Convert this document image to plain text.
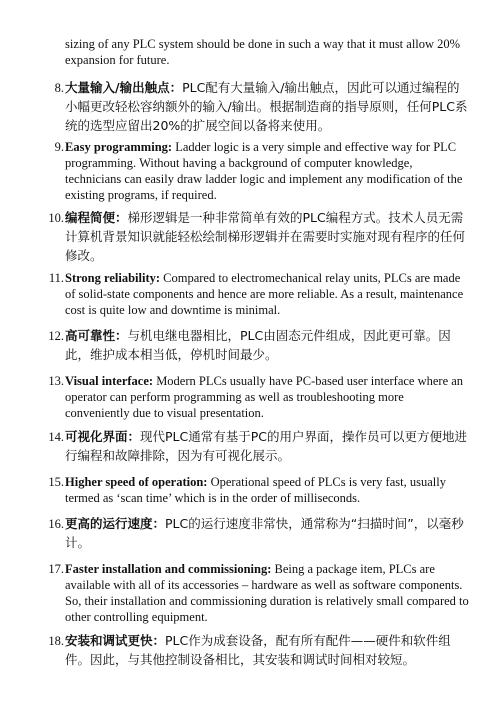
sizing of any PLC system should be done in such a way that it must allow 20% expansion for future.
8. 大量输入/输出触点：PLC配有大量输入/输出触点，因此可以通过编程的小幅更改轻松容纳额外的输入/输出。根据制造商的指导原则，任何PLC系统的选型应留出20%的扩展空间以备将来使用。
9. Easy programming: Ladder logic is a very simple and effective way for PLC programming. Without having a background of computer knowledge, technicians can easily draw ladder logic and implement any modification of the existing programs, if required.
10. 编程简便：梯形逻辑是一种非常简单有效的PLC编程方式。技术人员无需计算机背景知识就能轻松绘制梯形逻辑并在需要时实施对现有程序的任何修改。
11. Strong reliability: Compared to electromechanical relay units, PLCs are made of solid-state components and hence are more reliable. As a result, maintenance cost is quite low and downtime is minimal.
12. 高可靠性：与机电继电器相比，PLC由固态元件组成，因此更可靠。因此，维护成本相当低，停机时间最少。
13. Visual interface: Modern PLCs usually have PC-based user interface where an operator can perform programming as well as troubleshooting more conveniently due to visual presentation.
14. 可视化界面：现代PLC通常有基于PC的用户界面，操作员可以更方便地进行编程和故障排除，因为有可视化展示。
15. Higher speed of operation: Operational speed of PLCs is very fast, usually termed as ‘scan time’ which is in the order of milliseconds.
16. 更高的运行速度：PLC的运行速度非常快，通常称为“扫描时间”，以毫秒计。
17. Faster installation and commissioning: Being a package item, PLCs are available with all of its accessories – hardware as well as software components. So, their installation and commissioning duration is relatively small compared to other controlling equipment.
18. 安装和调试更快：PLC作为成套设备，配有所有配件——硬件和软件组件。因此，与其他控制设备相比，其安装和调试时间相对较短。
